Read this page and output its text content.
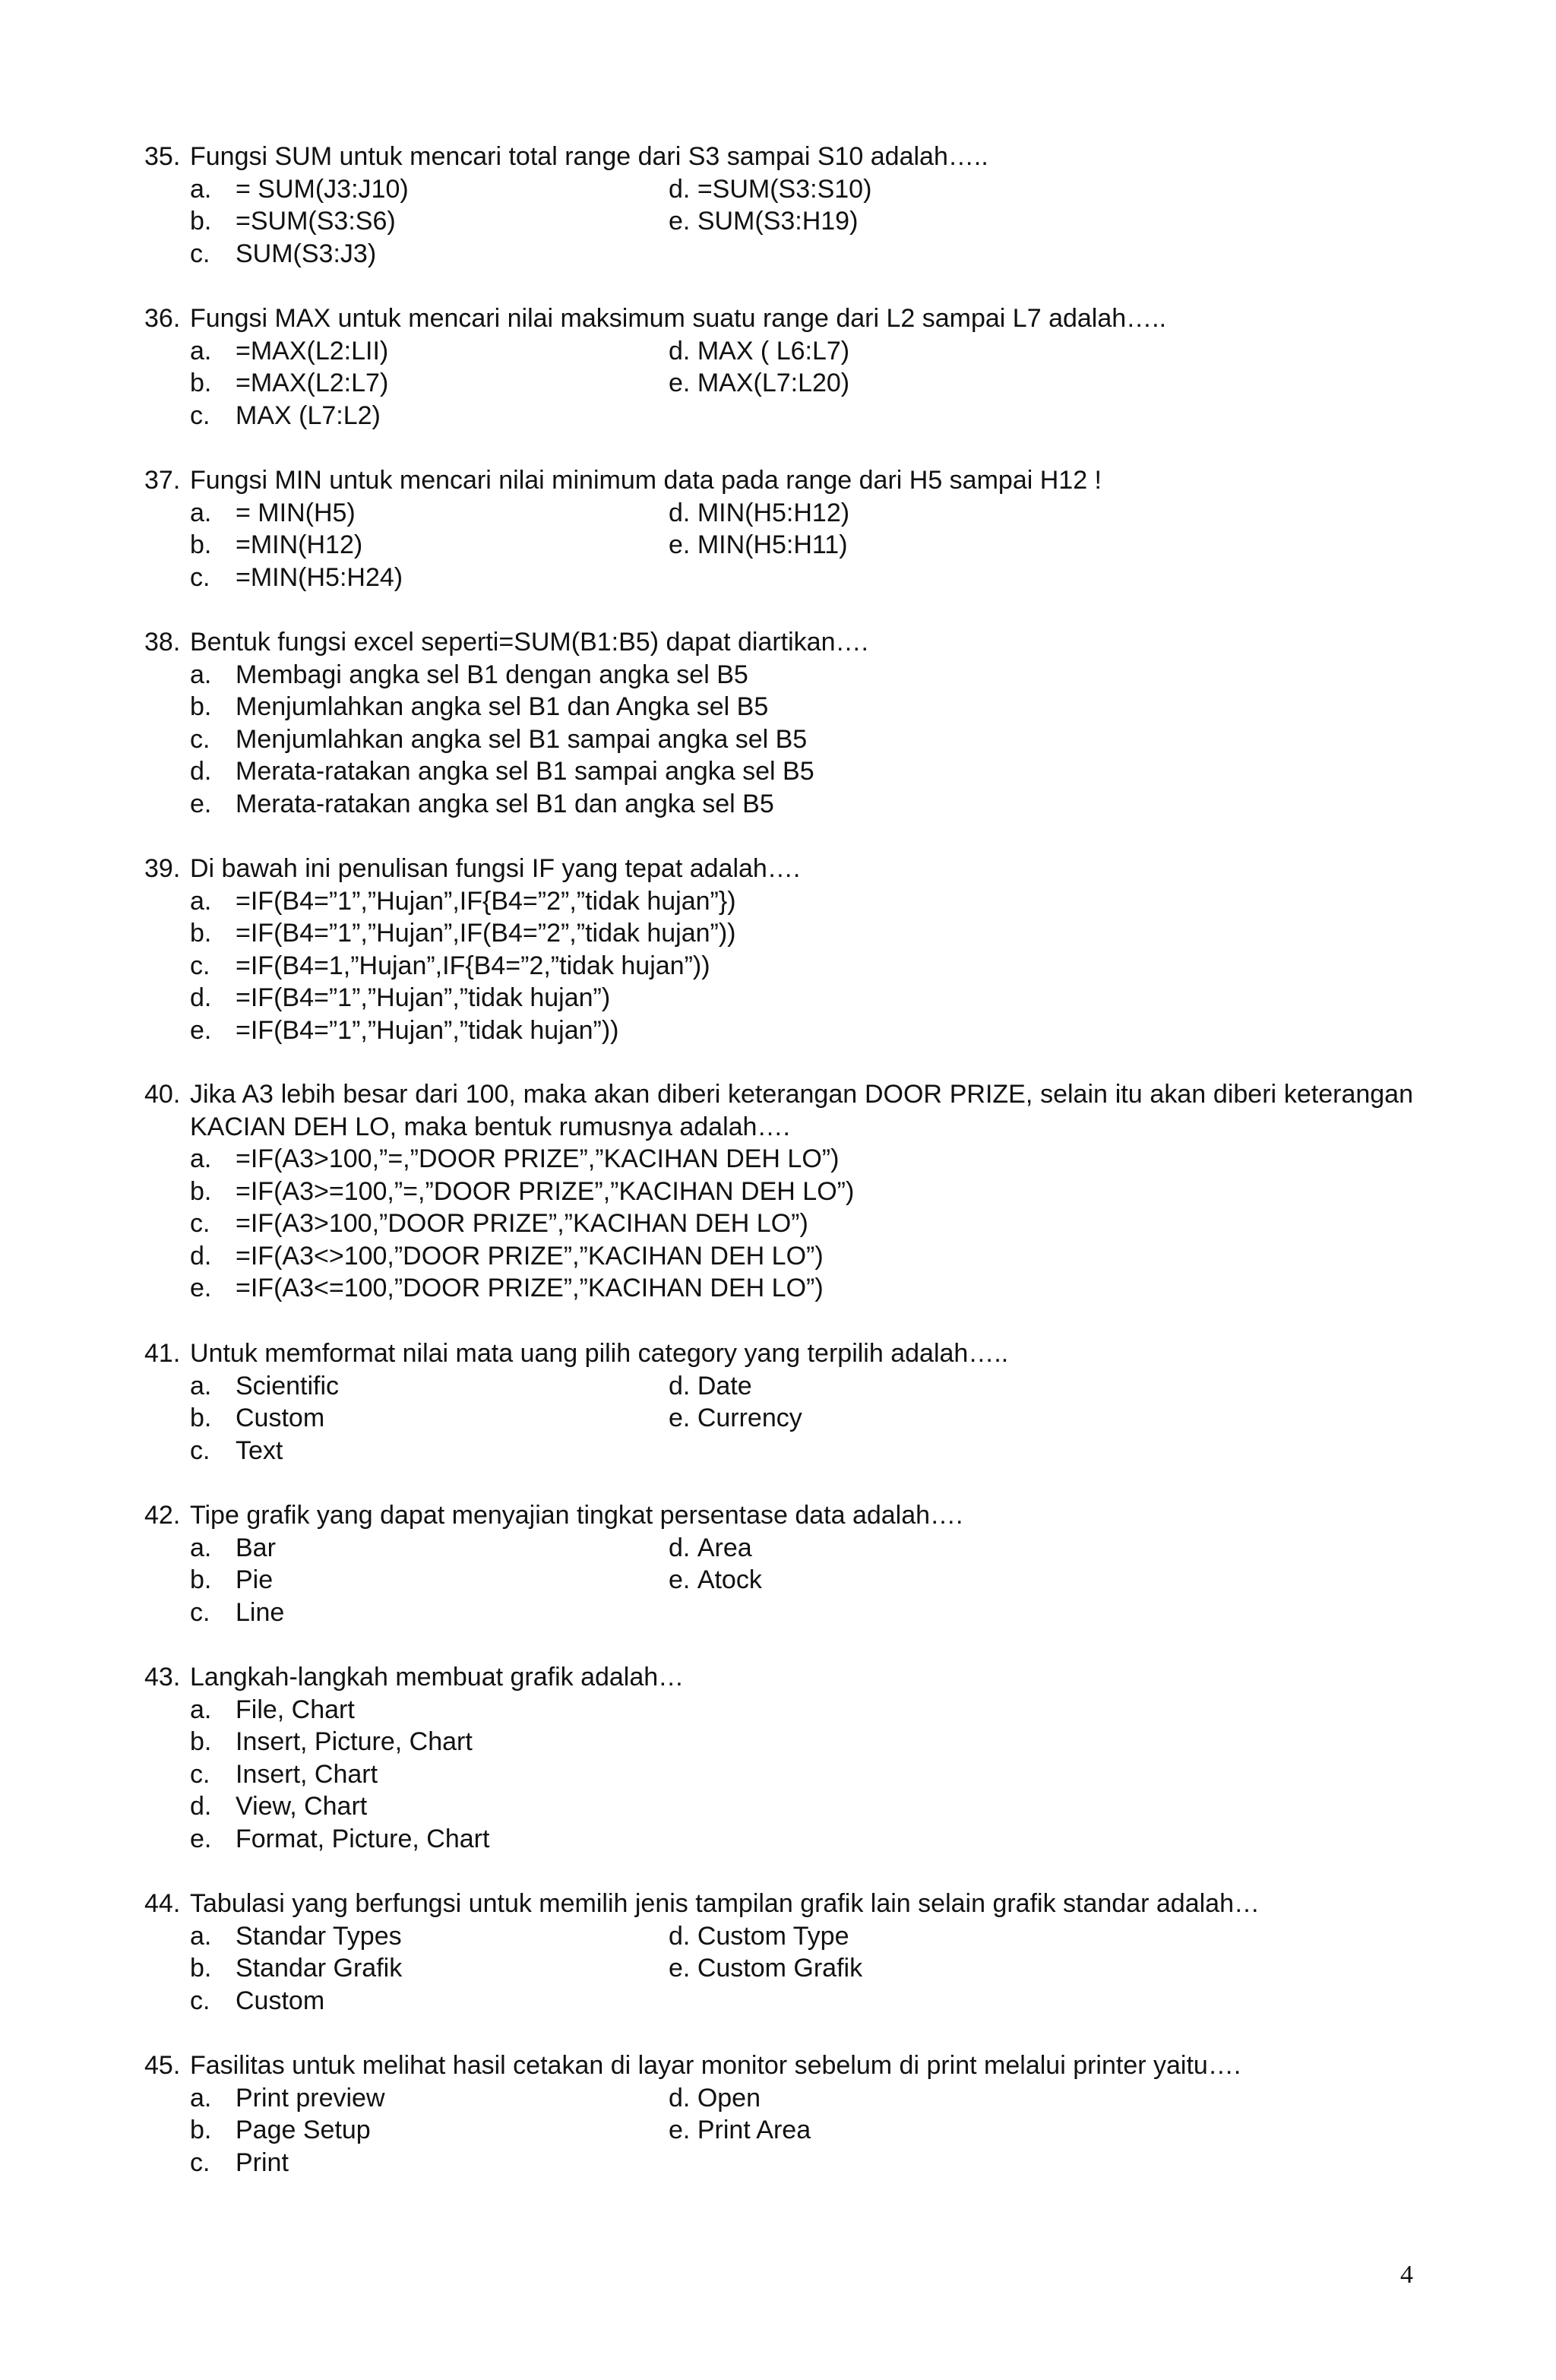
35. Fungsi SUM untuk mencari total range dari S3 sampai S10 adalah…..
a. = SUM(J3:J10)	d.
=SUM(S3:S10)
b. =SUM(S3:S6)	e.
SUM(S3:H19)
c. SUM(S3:J3)
36. Fungsi MAX untuk mencari nilai maksimum suatu range dari L2 sampai L7 adalah…..
a. =MAX(L2:LII)	d.
MAX ( L6:L7)
b. =MAX(L2:L7)	e.
MAX(L7:L20)
c. MAX (L7:L2)
37. Fungsi MIN untuk mencari nilai minimum data pada range dari H5 sampai H12 !
a. = MIN(H5)	d.
MIN(H5:H12)
b. =MIN(H12)	e.
MIN(H5:H11)
c. =MIN(H5:H24)
38. Bentuk fungsi excel seperti=SUM(B1:B5) dapat diartikan….
a. Membagi angka sel B1 dengan angka sel B5
b. Menjumlahkan angka sel B1 dan Angka sel B5
c. Menjumlahkan angka sel B1 sampai angka sel B5
d. Merata-ratakan angka sel B1 sampai angka sel B5
e. Merata-ratakan angka sel B1 dan angka sel B5
39. Di bawah ini penulisan fungsi IF yang tepat adalah….
a. =IF(B4=”1”,”Hujan”,IF{B4=”2”,”tidak hujan”})
b. =IF(B4=”1”,”Hujan”,IF(B4=”2”,”tidak hujan”))
c. =IF(B4=1,”Hujan”,IF{B4=”2,”tidak hujan”))
d. =IF(B4=”1”,”Hujan”,”tidak hujan”)
e. =IF(B4=”1”,”Hujan”,”tidak hujan”))
40. Jika A3 lebih besar dari 100, maka akan diberi keterangan DOOR PRIZE, selain itu akan diberi keterangan KACIAN DEH LO, maka bentuk rumusnya adalah….
a. =IF(A3>100,”=,”DOOR PRIZE”,”KACIHAN DEH LO”)
b. =IF(A3>=100,”=,”DOOR PRIZE”,”KACIHAN DEH LO”)
c. =IF(A3>100,”DOOR PRIZE”,”KACIHAN DEH LO”)
d. =IF(A3<>100,”DOOR PRIZE”,”KACIHAN DEH LO”)
e. =IF(A3<=100,”DOOR PRIZE”,”KACIHAN DEH LO”)
41. Untuk memformat nilai mata uang pilih category yang terpilih adalah…..
a. Scientific	d.
Date
b. Custom	e.
Currency
c. Text
42. Tipe grafik yang dapat menyajian tingkat persentase data adalah….
a. Bar	d.
Area
b. Pie	e.
Atock
c. Line
43. Langkah-langkah membuat grafik adalah…
a. File, Chart
b. Insert, Picture, Chart
c. Insert, Chart
d. View, Chart
e. Format, Picture, Chart
44. Tabulasi yang berfungsi untuk memilih jenis tampilan grafik lain selain grafik standar adalah…
a. Standar Types	d.
Custom Type
b. Standar Grafik	e.
Custom Grafik
c. Custom
45. Fasilitas untuk melihat hasil cetakan di layar monitor sebelum di print melalui printer yaitu….
a. Print preview	d.
Open
b. Page Setup	e.
Print Area
c. Print
4
